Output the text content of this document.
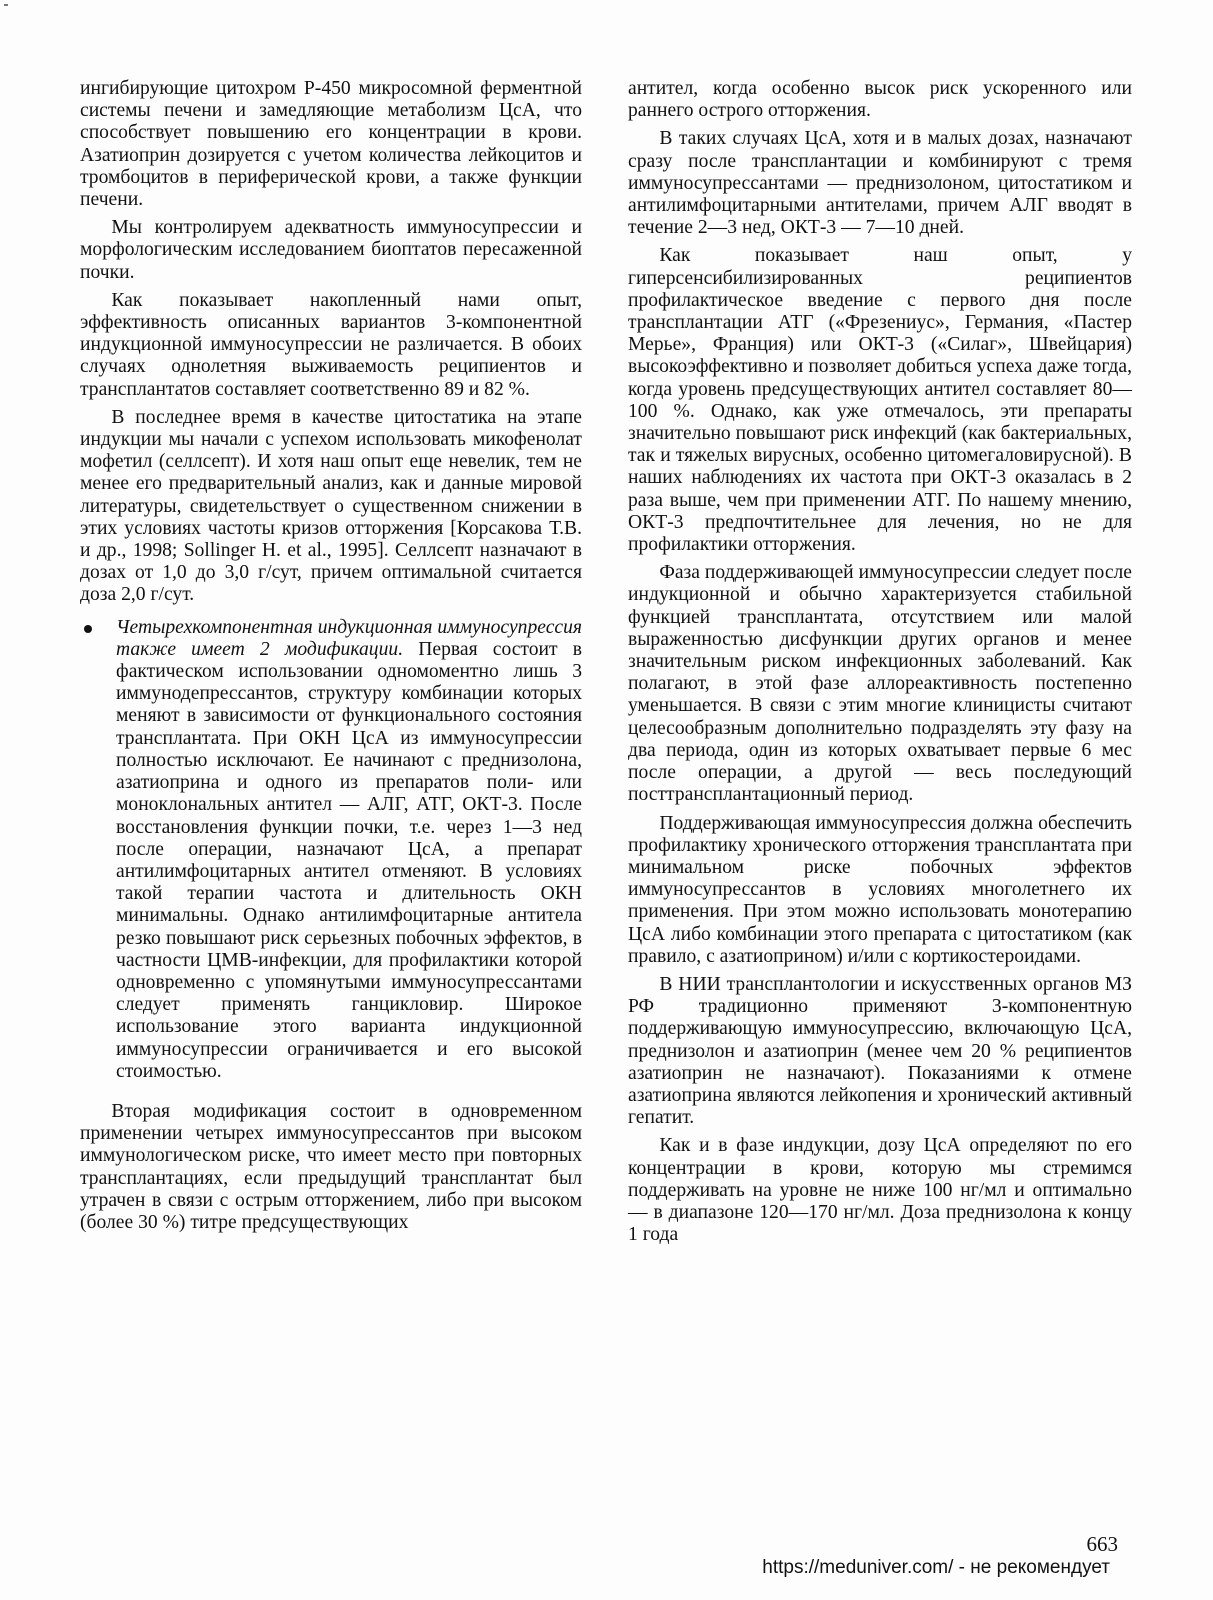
ингибирующие цитохром Р-450 микросомной ферментной системы печени и замедляющие метаболизм ЦсА, что способствует повышению его концентрации в крови. Азатиоприн дозируется с учетом количества лейкоцитов и тромбоцитов в периферической крови, а также функции печени.

Мы контролируем адекватность иммуносупрессии и морфологическим исследованием биоптатов пересаженной почки.

Как показывает накопленный нами опыт, эффективность описанных вариантов 3-компонентной индукционной иммуносупрессии не различается. В обоих случаях однолетняя выживаемость реципиентов и трансплантатов составляет соответственно 89 и 82 %.

В последнее время в качестве цитостатика на этапе индукции мы начали с успехом использовать микофенолат мофетил (селлсепт). И хотя наш опыт еще невелик, тем не менее его предварительный анализ, как и данные мировой литературы, свидетельствует о существенном снижении в этих условиях частоты кризов отторжения [Корсакова Т.В. и др., 1998; Sollinger H. et al., 1995]. Селлсепт назначают в дозах от 1,0 до 3,0 г/сут, причем оптимальной считается доза 2,0 г/сут.

Четырехкомпонентная индукционная иммуносупрессия также имеет 2 модификации. Первая состоит в фактическом использовании одномоментно лишь 3 иммунодепрессантов, структуру комбинации которых меняют в зависимости от функционального состояния трансплантата. При ОКН ЦсА из иммуносупрессии полностью исключают. Ее начинают с преднизолона, азатиоприна и одного из препаратов поли- или моноклональных антител — АЛГ, АТГ, ОКТ-3. После восстановления функции почки, т.е. через 1—3 нед после операции, назначают ЦсА, а препарат антилимфоцитарных антител отменяют. В условиях такой терапии частота и длительность ОКН минимальны. Однако антилимфоцитарные антитела резко повышают риск серьезных побочных эффектов, в частности ЦМВ-инфекции, для профилактики которой одновременно с упомянутыми иммуносупрессантами следует применять ганцикловир. Широкое использование этого варианта индукционной иммуносупрессии ограничивается и его высокой стоимостью.

Вторая модификация состоит в одновременном применении четырех иммуносупрессантов при высоком иммунологическом риске, что имеет место при повторных трансплантациях, если предыдущий трансплантат был утрачен в связи с острым отторжением, либо при высоком (более 30 %) титре предсуществующих

антител, когда особенно высок риск ускоренного или раннего острого отторжения.

В таких случаях ЦсА, хотя и в малых дозах, назначают сразу после трансплантации и комбинируют с тремя иммуносупрессантами — преднизолоном, цитостатиком и антилимфоцитарными антителами, причем АЛГ вводят в течение 2—3 нед, ОКТ-3 — 7—10 дней.

Как показывает наш опыт, у гиперсенсибилизированных реципиентов профилактическое введение с первого дня после трансплантации АТГ («Фрезениус», Германия, «Пастер Мерье», Франция) или ОКТ-3 («Силаг», Швейцария) высокоэффективно и позволяет добиться успеха даже тогда, когда уровень предсуществующих антител составляет 80—100 %. Однако, как уже отмечалось, эти препараты значительно повышают риск инфекций (как бактериальных, так и тяжелых вирусных, особенно цитомегаловирусной). В наших наблюдениях их частота при ОКТ-3 оказалась в 2 раза выше, чем при применении АТГ. По нашему мнению, ОКТ-3 предпочтительнее для лечения, но не для профилактики отторжения.

Фаза поддерживающей иммуносупрессии следует после индукционной и обычно характеризуется стабильной функцией трансплантата, отсутствием или малой выраженностью дисфункции других органов и менее значительным риском инфекционных заболеваний. Как полагают, в этой фазе аллореактивность постепенно уменьшается. В связи с этим многие клиницисты считают целесообразным дополнительно подразделять эту фазу на два периода, один из которых охватывает первые 6 мес после операции, а другой — весь последующий посттрансплантационный период.

Поддерживающая иммуносупрессия должна обеспечить профилактику хронического отторжения трансплантата при минимальном риске побочных эффектов иммуносупрессантов в условиях многолетнего их применения. При этом можно использовать монотерапию ЦсА либо комбинации этого препарата с цитостатиком (как правило, с азатиоприном) и/или с кортикостероидами.

В НИИ трансплантологии и искусственных органов МЗ РФ традиционно применяют 3-компонентную поддерживающую иммуносупрессию, включающую ЦсА, преднизолон и азатиоприн (менее чем 20 % реципиентов азатиоприн не назначают). Показаниями к отмене азатиоприна являются лейкопения и хронический активный гепатит.

Как и в фазе индукции, дозу ЦсА определяют по его концентрации в крови, которую мы стремимся поддерживать на уровне не ниже 100 нг/мл и оптимально — в диапазоне 120—170 нг/мл. Доза преднизолона к концу 1 года

663
https://meduniver.com/ - не рекомендует
